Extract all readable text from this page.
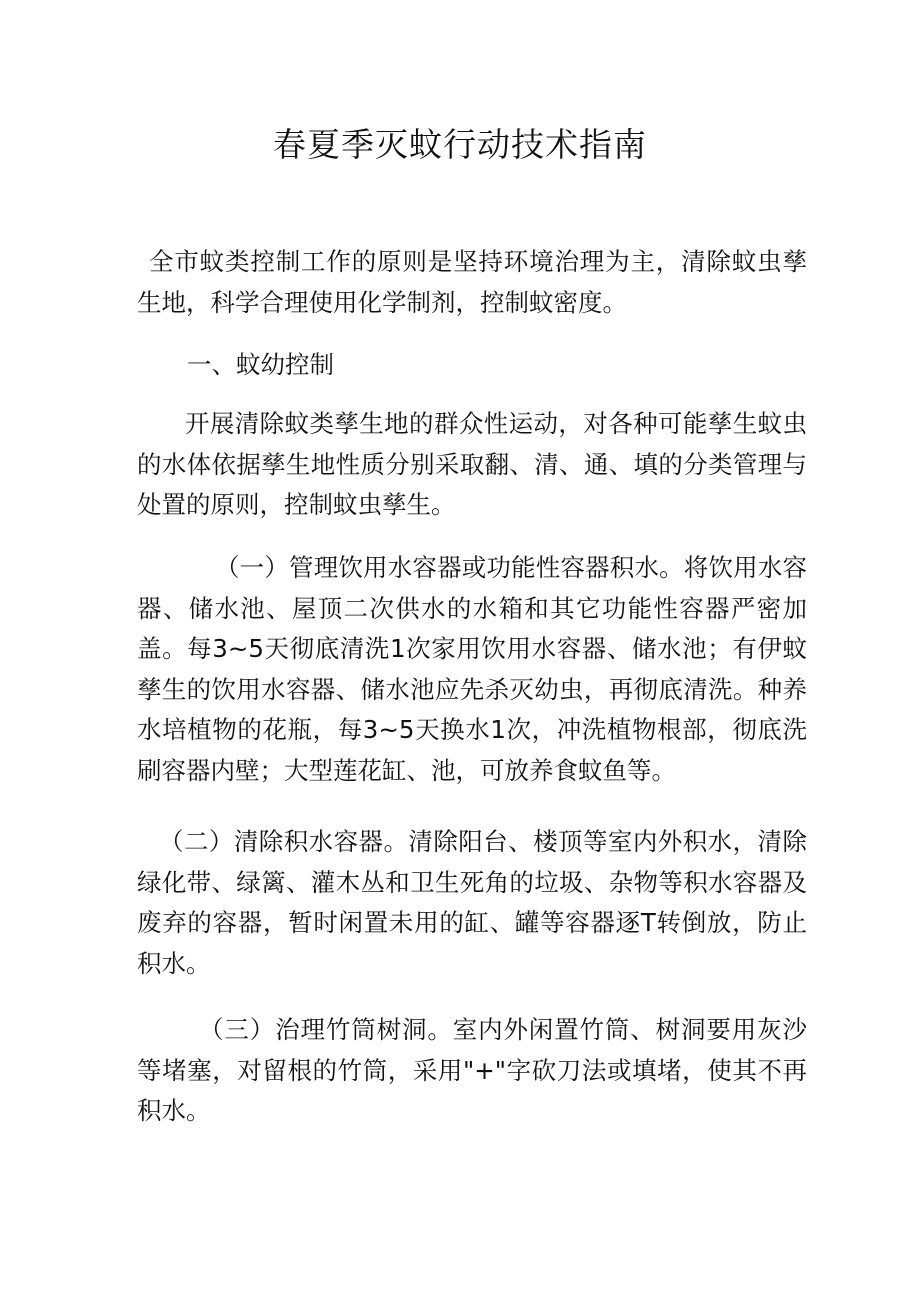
春夏季灭蚊行动技术指南

全市蚊类控制工作的原则是坚持环境治理为主，清除蚊虫孳生地，科学合理使用化学制剂，控制蚊密度。

一、蚊幼控制

开展清除蚊类孳生地的群众性运动，对各种可能孳生蚊虫的水体依据孳生地性质分别采取翻、清、通、填的分类管理与处置的原则，控制蚊虫孳生。

（一）管理饮用水容器或功能性容器积水。将饮用水容器、储水池、屋顶二次供水的水箱和其它功能性容器严密加盖。每3~5天彻底清洗1次家用饮用水容器、储水池；有伊蚊孳生的饮用水容器、储水池应先杀灭幼虫，再彻底清洗。种养水培植物的花瓶，每3~5天换水1次，冲洗植物根部，彻底洗刷容器内壁；大型莲花缸、池，可放养食蚊鱼等。

（二）清除积水容器。清除阳台、楼顶等室内外积水，清除绿化带、绿篱、灌木丛和卫生死角的垃圾、杂物等积水容器及废弃的容器，暂时闲置未用的缸、罐等容器逐T转倒放，防止积水。

（三）治理竹筒树洞。室内外闲置竹筒、树洞要用灰沙等堵塞，对留根的竹筒，采用"+"字砍刀法或填堵，使其不再积水。
